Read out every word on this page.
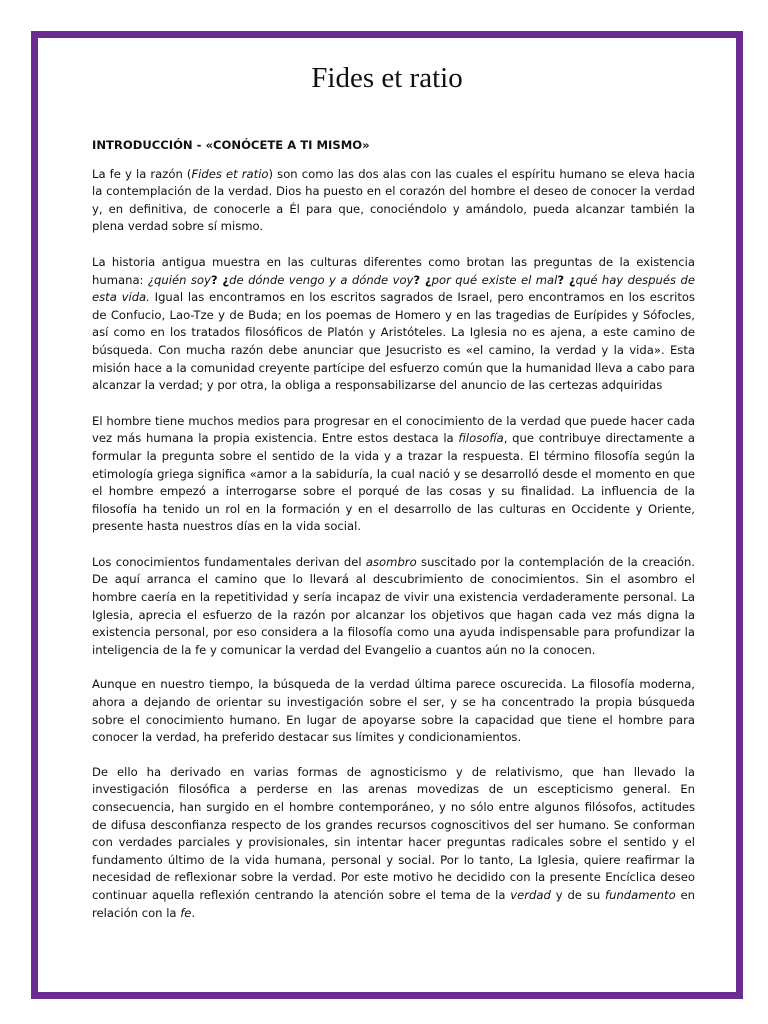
Fides et ratio

INTRODUCCIÓN - «CONÓCETE A TI MISMO»

La fe y la razón (Fides et ratio) son como las dos alas con las cuales el espíritu humano se eleva hacia la contemplación de la verdad. Dios ha puesto en el corazón del hombre el deseo de conocer la verdad y, en definitiva, de conocerle a Él para que, conociéndolo y amándolo, pueda alcanzar también la plena verdad sobre sí mismo.

La historia antigua muestra en las culturas diferentes como brotan las preguntas de la existencia humana: ¿quién soy? ¿de dónde vengo y a dónde voy? ¿por qué existe el mal? ¿qué hay después de esta vida. Igual las encontramos en los escritos sagrados de Israel, pero encontramos en los escritos de Confucio, Lao-Tze y de Buda; en los poemas de Homero y en las tragedias de Eurípides y Sófocles, así como en los tratados filosóficos de Platón y Aristóteles. La Iglesia no es ajena, a este camino de búsqueda. Con mucha razón debe anunciar que Jesucristo es «el camino, la verdad y la vida». Esta misión hace a la comunidad creyente partícipe del esfuerzo común que la humanidad lleva a cabo para alcanzar la verdad; y por otra, la obliga a responsabilizarse del anuncio de las certezas adquiridas

El hombre tiene muchos medios para progresar en el conocimiento de la verdad que puede hacer cada vez más humana la propia existencia. Entre estos destaca la filosofía, que contribuye directamente a formular la pregunta sobre el sentido de la vida y a trazar la respuesta. El término filosofía según la etimología griega significa «amor a la sabiduría, la cual nació y se desarrolló desde el momento en que el hombre empezó a interrogarse sobre el porqué de las cosas y su finalidad. La influencia de la filosofía ha tenido un rol en la formación y en el desarrollo de las culturas en Occidente y Oriente, presente hasta nuestros días en la vida social.

Los conocimientos fundamentales derivan del asombro suscitado por la contemplación de la creación. De aquí arranca el camino que lo llevará al descubrimiento de conocimientos. Sin el asombro el hombre caería en la repetitividad y sería incapaz de vivir una existencia verdaderamente personal. La Iglesia, aprecia el esfuerzo de la razón por alcanzar los objetivos que hagan cada vez más digna la existencia personal, por eso considera a la filosofía como una ayuda indispensable para profundizar la inteligencia de la fe y comunicar la verdad del Evangelio a cuantos aún no la conocen.

Aunque en nuestro tiempo, la búsqueda de la verdad última parece oscurecida. La filosofía moderna, ahora a dejando de orientar su investigación sobre el ser, y se ha concentrado la propia búsqueda sobre el conocimiento humano. En lugar de apoyarse sobre la capacidad que tiene el hombre para conocer la verdad, ha preferido destacar sus límites y condicionamientos.

De ello ha derivado en varias formas de agnosticismo y de relativismo, que han llevado la investigación filosófica a perderse en las arenas movedizas de un escepticismo general. En consecuencia, han surgido en el hombre contemporáneo, y no sólo entre algunos filósofos, actitudes de difusa desconfianza respecto de los grandes recursos cognoscitivos del ser humano. Se conforman con verdades parciales y provisionales, sin intentar hacer preguntas radicales sobre el sentido y el fundamento último de la vida humana, personal y social. Por lo tanto, La Iglesia, quiere reafirmar la necesidad de reflexionar sobre la verdad. Por este motivo he decidido con la presente Encíclica deseo continuar aquella reflexión centrando la atención sobre el tema de la verdad y de su fundamento en relación con la fe.
